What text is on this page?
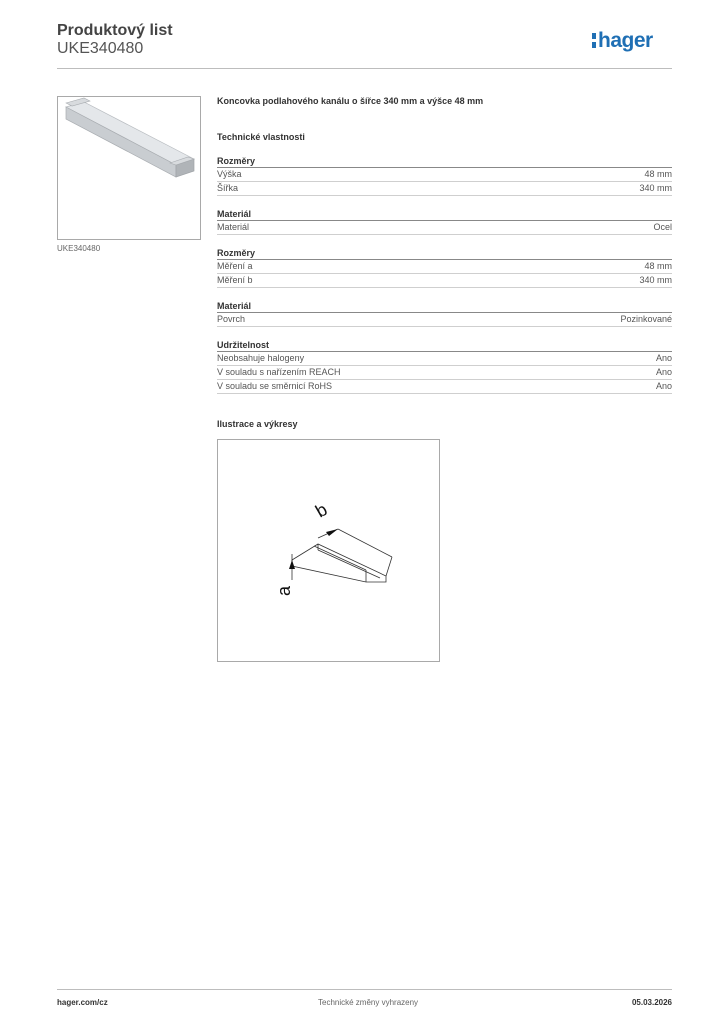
Produktový list
UKE340480	hager
UKE340480
Koncovka podlahového kanálu o šířce 340 mm a výšce 48 mm
Technické vlastnosti
Rozměry
Výška	48 mm
Šířka	340 mm
Materiál
Materiál	Ocel
Rozměry
Měření a	48 mm
Měření b	340 mm
Materiál
Povrch	Pozinkované
Udržitelnost
Neobsahuje halogeny	Ano
V souladu s nařízením REACH	Ano
V souladu se směrnicí RoHS	Ano
Ilustrace a výkresy
b
a
hager.com/cz	Technické změny vyhrazeny	05.03.2026
